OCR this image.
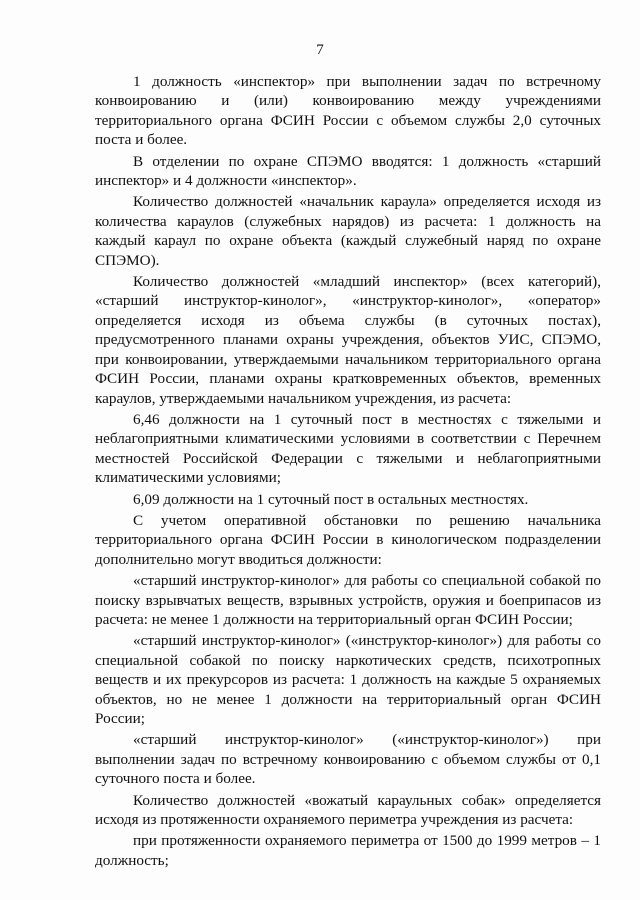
7

1 должность «инспектор» при выполнении задач по встречному конвоированию и (или) конвоированию между учреждениями территориального органа ФСИН России с объемом службы 2,0 суточных поста и более.

В отделении по охране СПЭМО вводятся: 1 должность «старший инспектор» и 4 должности «инспектор».

Количество должностей «начальник караула» определяется исходя из количества караулов (служебных нарядов) из расчета: 1 должность на каждый караул по охране объекта (каждый служебный наряд по охране СПЭМО).

Количество должностей «младший инспектор» (всех категорий), «старший инструктор-кинолог», «инструктор-кинолог», «оператор» определяется исходя из объема службы (в суточных постах), предусмотренного планами охраны учреждения, объектов УИС, СПЭМО, при конвоировании, утверждаемыми начальником территориального органа ФСИН России, планами охраны кратковременных объектов, временных караулов, утверждаемыми начальником учреждения, из расчета:

6,46 должности на 1 суточный пост в местностях с тяжелыми и неблагоприятными климатическими условиями в соответствии с Перечнем местностей Российской Федерации с тяжелыми и неблагоприятными климатическими условиями;

6,09 должности на 1 суточный пост в остальных местностях.

С учетом оперативной обстановки по решению начальника территориального органа ФСИН России в кинологическом подразделении дополнительно могут вводиться должности:

«старший инструктор-кинолог» для работы со специальной собакой по поиску взрывчатых веществ, взрывных устройств, оружия и боеприпасов из расчета: не менее 1 должности на территориальный орган ФСИН России;

«старший инструктор-кинолог» («инструктор-кинолог») для работы со специальной собакой по поиску наркотических средств, психотропных веществ и их прекурсоров из расчета: 1 должность на каждые 5 охраняемых объектов, но не менее 1 должности на территориальный орган ФСИН России;

«старший инструктор-кинолог» («инструктор-кинолог») при выполнении задач по встречному конвоированию с объемом службы от 0,1 суточного поста и более.

Количество должностей «вожатый караульных собак» определяется исходя из протяженности охраняемого периметра учреждения из расчета:

при протяженности охраняемого периметра от 1500 до 1999 метров – 1 должность;
